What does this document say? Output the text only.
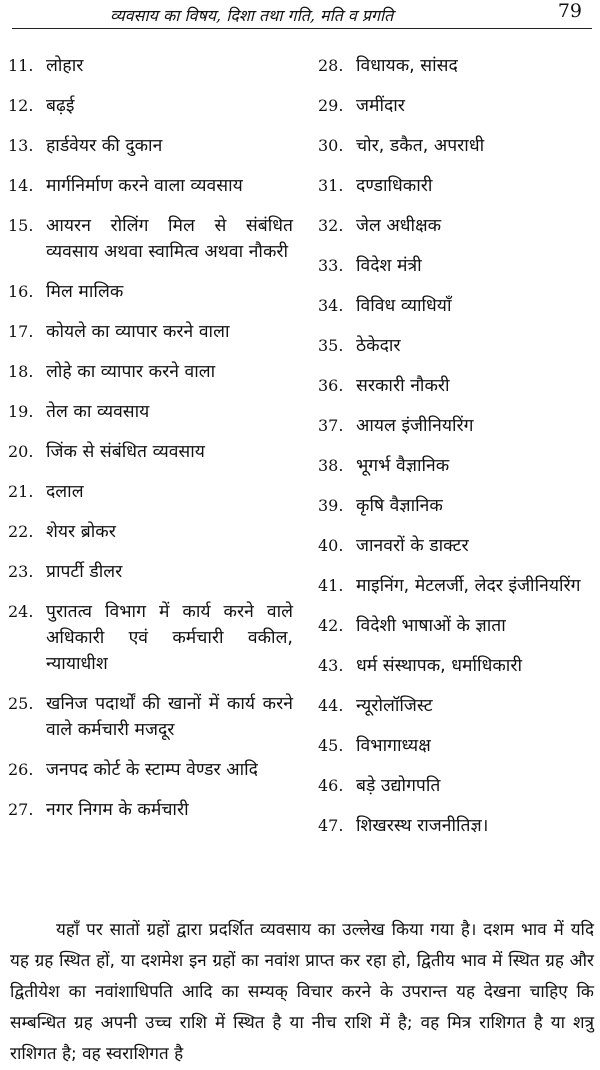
व्यवसाय का विषय, दिशा तथा गति, मति व प्रगति	79
11. लोहार
12. बढ़ई
13. हार्डवेयर की दुकान
14. मार्गनिर्माण करने वाला व्यवसाय
15. आयरन रोलिंग मिल से संबंधित व्यवसाय अथवा स्वामित्व अथवा नौकरी
16. मिल मालिक
17. कोयले का व्यापार करने वाला
18. लोहे का व्यापार करने वाला
19. तेल का व्यवसाय
20. जिंक से संबंधित व्यवसाय
21. दलाल
22. शेयर ब्रोकर
23. प्रापर्टी डीलर
24. पुरातत्व विभाग में कार्य करने वाले अधिकारी एवं कर्मचारी वकील, न्यायाधीश
25. खनिज पदार्थों की खानों में कार्य करने वाले कर्मचारी मजदूर
26. जनपद कोर्ट के स्टाम्प वेण्डर आदि
27. नगर निगम के कर्मचारी
28. विधायक, सांसद
29. जमींदार
30. चोर, डकैत, अपराधी
31. दण्डाधिकारी
32. जेल अधीक्षक
33. विदेश मंत्री
34. विविध व्याधियाँ
35. ठेकेदार
36. सरकारी नौकरी
37. आयल इंजीनियरिंग
38. भूगर्भ वैज्ञानिक
39. कृषि वैज्ञानिक
40. जानवरों के डाक्टर
41. माइनिंग, मेटलर्जी, लेदर इंजीनियरिंग
42. विदेशी भाषाओं के ज्ञाता
43. धर्म संस्थापक, धर्माधिकारी
44. न्यूरोलॉजिस्ट
45. विभागाध्यक्ष
46. बड़े उद्योगपति
47. शिखरस्थ राजनीतिज्ञ।

यहाँ पर सातों ग्रहों द्वारा प्रदर्शित व्यवसाय का उल्लेख किया गया है। दशम भाव में यदि यह ग्रह स्थित हों, या दशमेश इन ग्रहों का नवांश प्राप्त कर रहा हो, द्वितीय भाव में स्थित ग्रह और द्वितीयेश का नवांशाधिपति आदि का सम्यक् विचार करने के उपरान्त यह देखना चाहिए कि सम्बन्धित ग्रह अपनी उच्च राशि में स्थित है या नीच राशि में है; वह मित्र राशिगत है या शत्रु राशिगत है; वह स्वराशिगत है
